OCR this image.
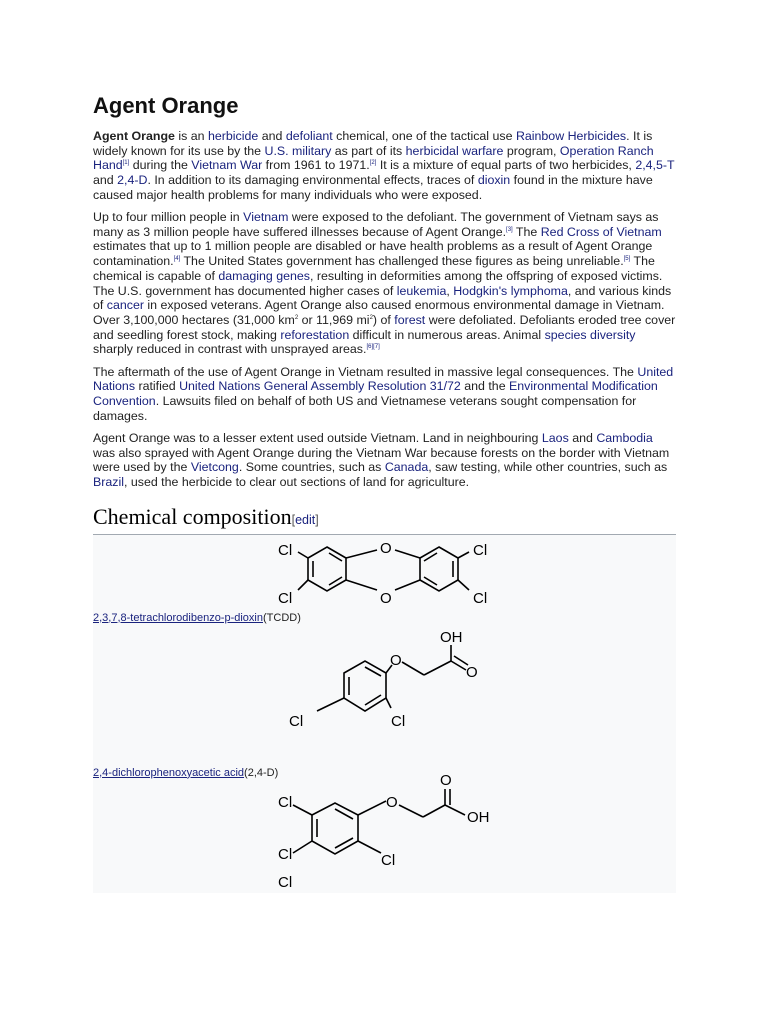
Agent Orange

Agent Orange is an herbicide and defoliant chemical, one of the tactical use Rainbow Herbicides. It is widely known for its use by the U.S. military as part of its herbicidal warfare program, Operation Ranch Hand[1] during the Vietnam War from 1961 to 1971.[2] It is a mixture of equal parts of two herbicides, 2,4,5-T and 2,4-D. In addition to its damaging environmental effects, traces of dioxin found in the mixture have caused major health problems for many individuals who were exposed.

Up to four million people in Vietnam were exposed to the defoliant. The government of Vietnam says as many as 3 million people have suffered illnesses because of Agent Orange.[3] The Red Cross of Vietnam estimates that up to 1 million people are disabled or have health problems as a result of Agent Orange contamination.[4] The United States government has challenged these figures as being unreliable.[5] The chemical is capable of damaging genes, resulting in deformities among the offspring of exposed victims. The U.S. government has documented higher cases of leukemia, Hodgkin's lymphoma, and various kinds of cancer in exposed veterans. Agent Orange also caused enormous environmental damage in Vietnam. Over 3,100,000 hectares (31,000 $km^2$ or 11,969 $mi^2$) of forest were defoliated. Defoliants eroded tree cover and seedling forest stock, making reforestation difficult in numerous areas. Animal species diversity sharply reduced in contrast with unsprayed areas.[6][7]

The aftermath of the use of Agent Orange in Vietnam resulted in massive legal consequences. The United Nations ratified United Nations General Assembly Resolution 31/72 and the Environmental Modification Convention. Lawsuits filed on behalf of both US and Vietnamese veterans sought compensation for damages.

Agent Orange was to a lesser extent used outside Vietnam. Land in neighbouring Laos and Cambodia was also sprayed with Agent Orange during the Vietnam War because forests on the border with Vietnam were used by the Vietcong. Some countries, such as Canada, saw testing, while other countries, such as Brazil, used the herbicide to clear out sections of land for agriculture.

Chemical composition[edit]
Cl
Cl
Cl
Cl
O
O
2,3,7,8-tetrachlorodibenzo-p-dioxin(TCDD)
OH
O
O
Cl	Cl
2,4-dichlorophenoxyacetic acid(2,4-D)
Cl
Cl
O
OH
O
Cl
Cl
